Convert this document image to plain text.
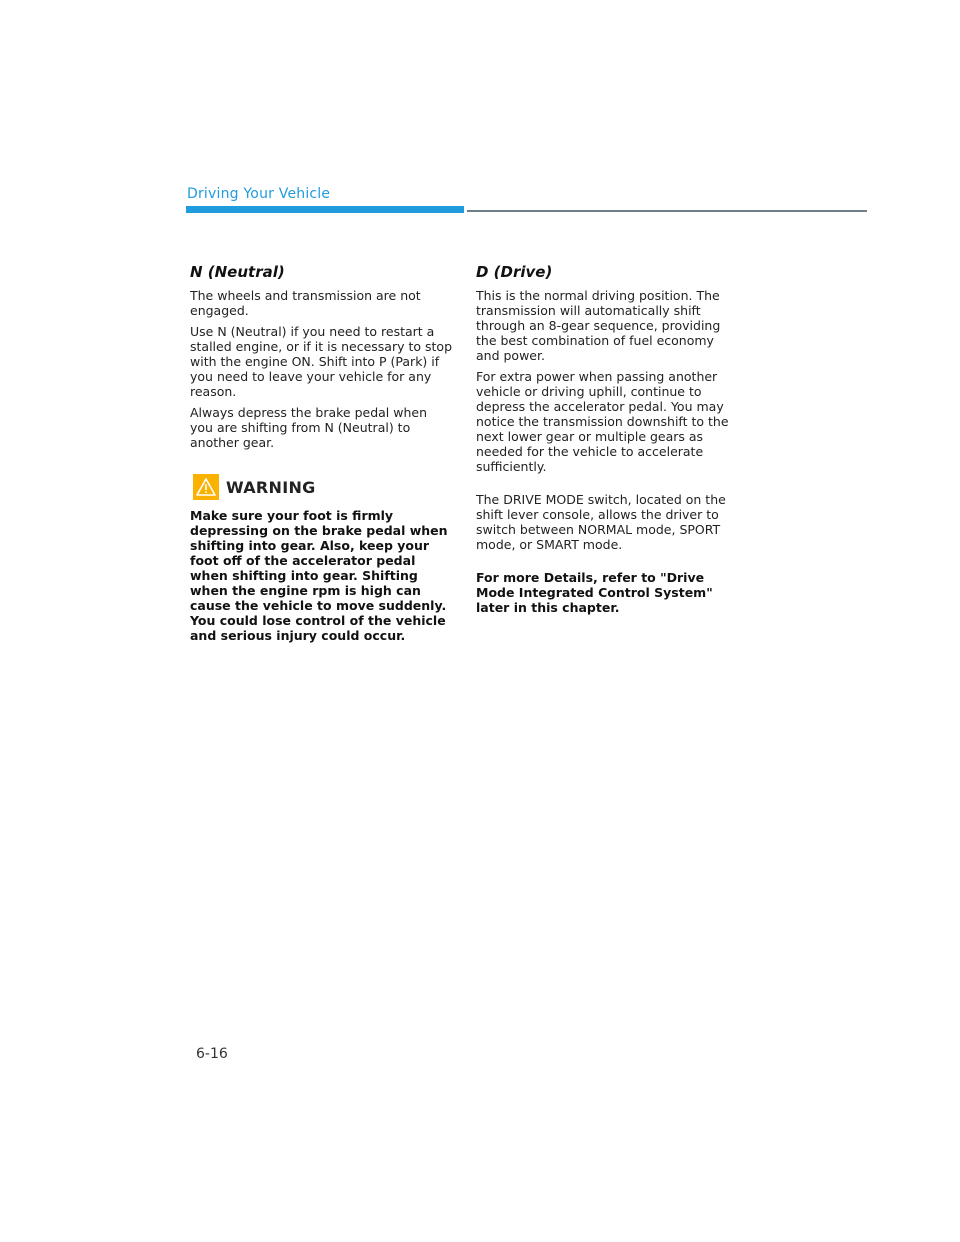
Driving Your Vehicle
N (Neutral)

The wheels and transmission are not engaged.

Use N (Neutral) if you need to restart a stalled engine, or if it is necessary to stop with the engine ON. Shift into P (Park) if you need to leave your vehicle for any reason.

Always depress the brake pedal when you are shifting from N (Neutral) to another gear.

WARNING

Make sure your foot is firmly depressing on the brake pedal when shifting into gear. Also, keep your foot off of the accelerator pedal when shifting into gear. Shifting when the engine rpm is high can cause the vehicle to move suddenly. You could lose control of the vehicle and serious injury could occur.

D (Drive)

This is the normal driving position. The transmission will automatically shift through an 8-gear sequence, providing the best combination of fuel economy and power.

For extra power when passing another vehicle or driving uphill, continue to depress the accelerator pedal. You may notice the transmission downshift to the next lower gear or multiple gears as needed for the vehicle to accelerate sufficiently.

The DRIVE MODE switch, located on the shift lever console, allows the driver to switch between NORMAL mode, SPORT mode, or SMART mode.

For more Details, refer to "Drive Mode Integrated Control System" later in this chapter.

6-16
